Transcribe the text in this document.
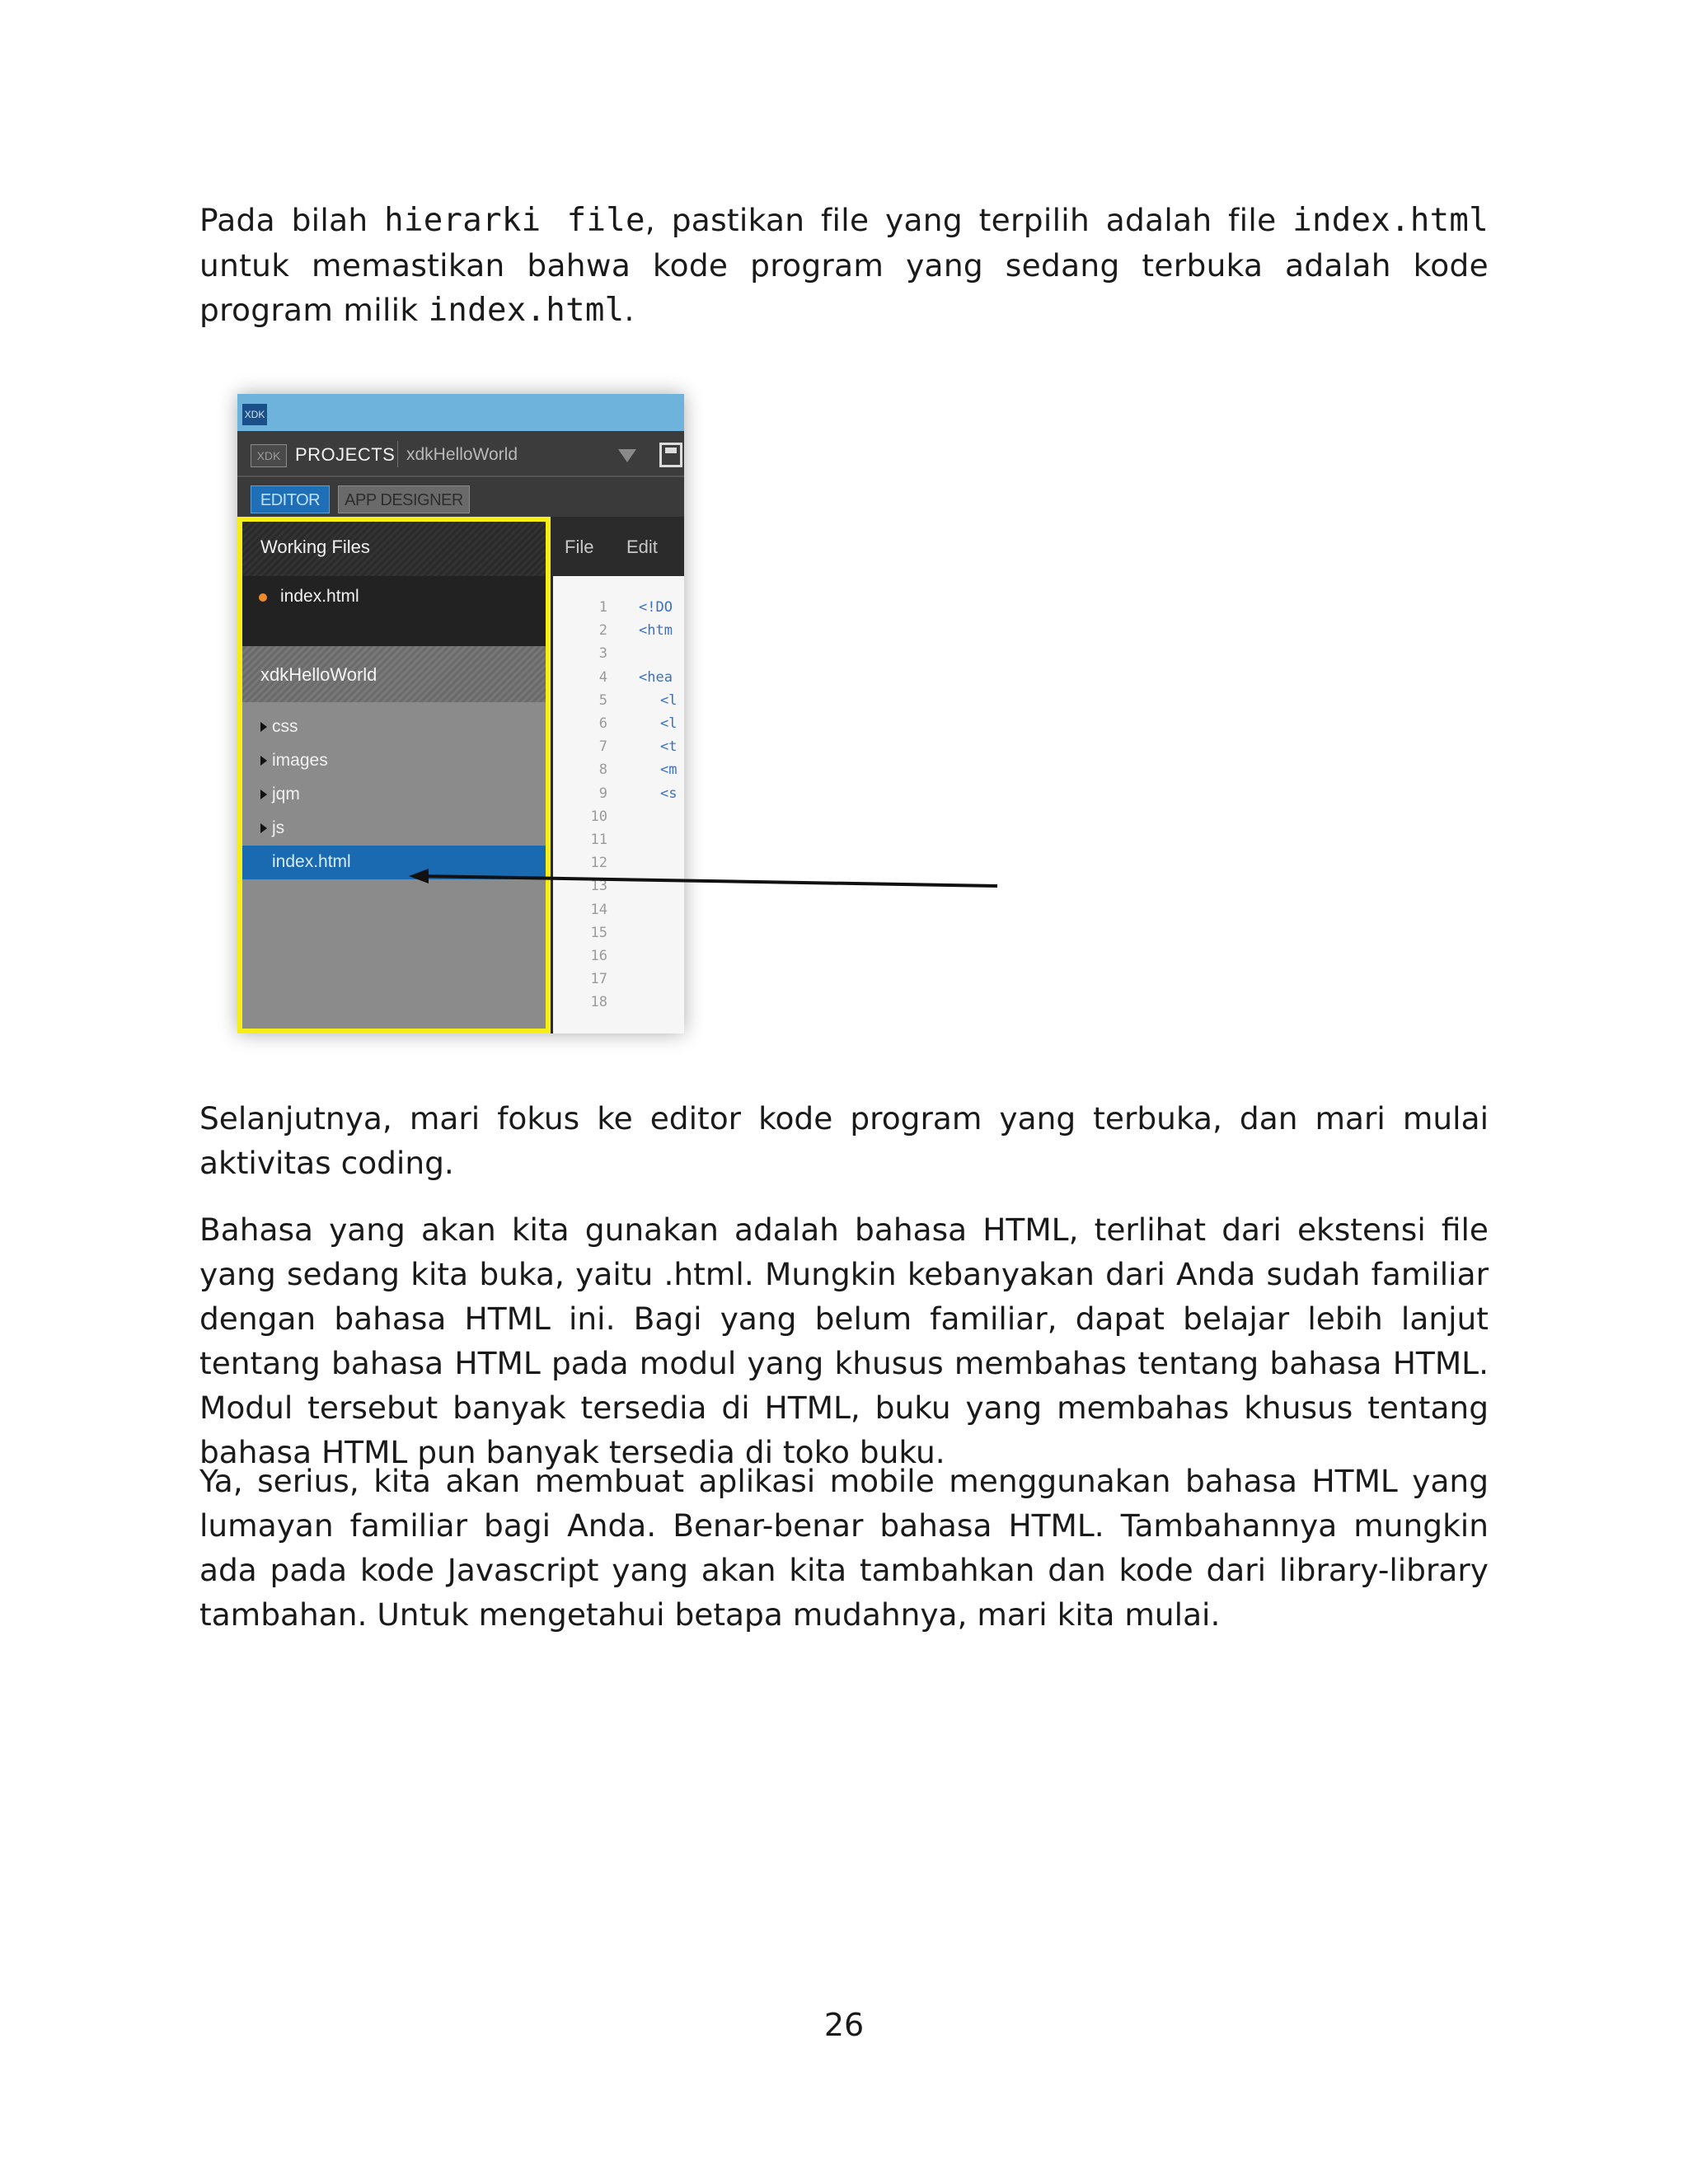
Pada bilah hierarki file, pastikan file yang terpilih adalah file index.html untuk memastikan bahwa kode program yang sedang terbuka adalah kode program milik index.html.

XDK
XDK PROJECTS xdkHelloWorld
EDITOR	APP DESIGNER
Working Files
index.html
xdkHelloWorld
css
images
jqm
js
index.html
File Edit
1
2
3
4
5
6
7
8
9
10
11
12
13
14
15
16
17
18
<!DO
<htm
<hea
<l
<l
<t
<m
<s

Selanjutnya, mari fokus ke editor kode program yang terbuka, dan mari mulai aktivitas coding.

Bahasa yang akan kita gunakan adalah bahasa HTML, terlihat dari ekstensi file yang sedang kita buka, yaitu .html. Mungkin kebanyakan dari Anda sudah familiar dengan bahasa HTML ini. Bagi yang belum familiar, dapat belajar lebih lanjut tentang bahasa HTML pada modul yang khusus membahas tentang bahasa HTML. Modul tersebut banyak tersedia di HTML, buku yang membahas khusus tentang bahasa HTML pun banyak tersedia di toko buku.

Ya, serius, kita akan membuat aplikasi mobile menggunakan bahasa HTML yang lumayan familiar bagi Anda. Benar-benar bahasa HTML. Tambahannya mungkin ada pada kode Javascript yang akan kita tambahkan dan kode dari library-library tambahan. Untuk mengetahui betapa mudahnya, mari kita mulai.

26
